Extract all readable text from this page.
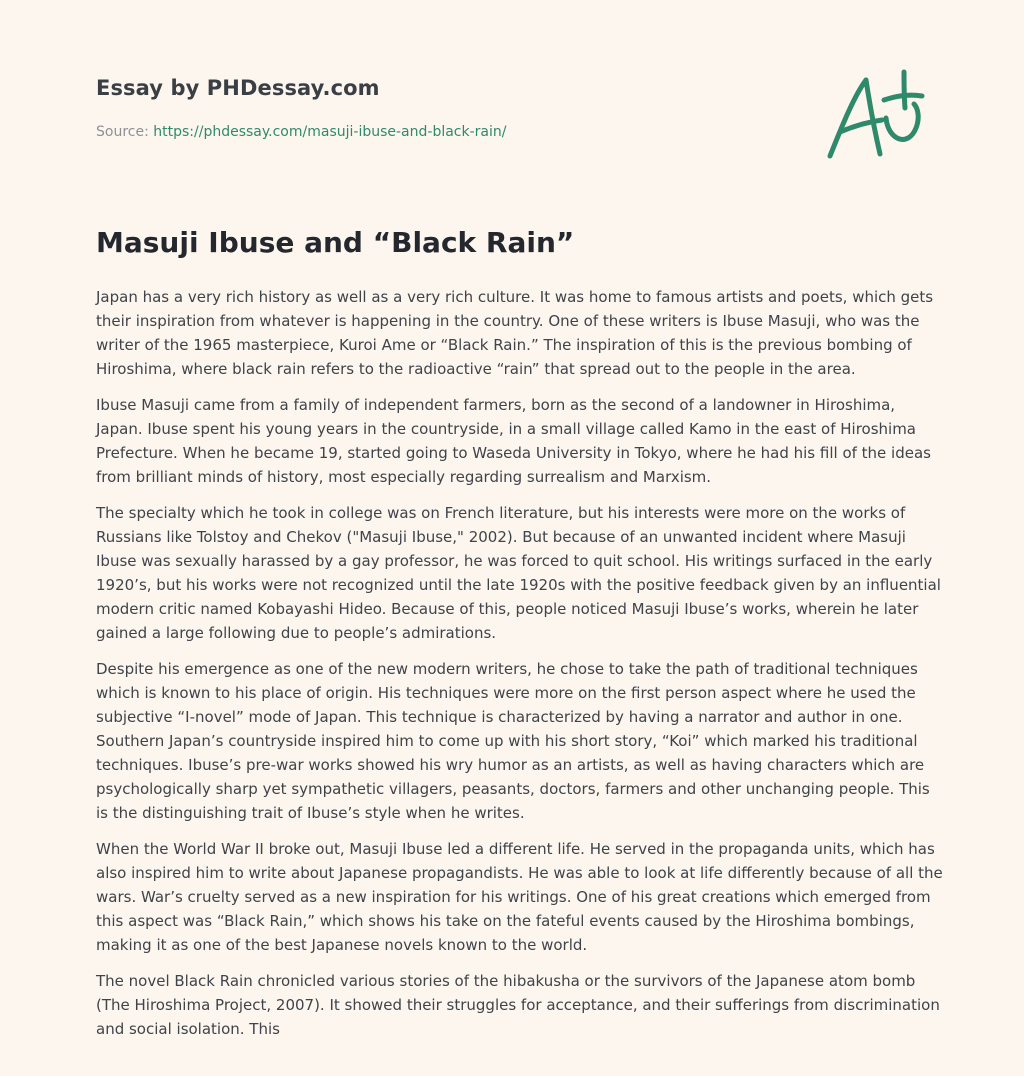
Essay by PHDessay.com

Source: https://phdessay.com/masuji-ibuse-and-black-rain/

Masuji Ibuse and “Black Rain”

Japan has a very rich history as well as a very rich culture. It was home to famous artists and poets, which gets their inspiration from whatever is happening in the country. One of these writers is Ibuse Masuji, who was the writer of the 1965 masterpiece, Kuroi Ame or “Black Rain.” The inspiration of this is the previous bombing of Hiroshima, where black rain refers to the radioactive “rain” that spread out to the people in the area.

Ibuse Masuji came from a family of independent farmers, born as the second of a landowner in Hiroshima, Japan. Ibuse spent his young years in the countryside, in a small village called Kamo in the east of Hiroshima Prefecture. When he became 19, started going to Waseda University in Tokyo, where he had his fill of the ideas from brilliant minds of history, most especially regarding surrealism and Marxism.

The specialty which he took in college was on French literature, but his interests were more on the works of Russians like Tolstoy and Chekov ("Masuji Ibuse," 2002). But because of an unwanted incident where Masuji Ibuse was sexually harassed by a gay professor, he was forced to quit school. His writings surfaced in the early 1920’s, but his works were not recognized until the late 1920s with the positive feedback given by an influential modern critic named Kobayashi Hideo. Because of this, people noticed Masuji Ibuse’s works, wherein he later gained a large following due to people’s admirations.

Despite his emergence as one of the new modern writers, he chose to take the path of traditional techniques which is known to his place of origin. His techniques were more on the first person aspect where he used the subjective “I-novel” mode of Japan. This technique is characterized by having a narrator and author in one. Southern Japan’s countryside inspired him to come up with his short story, “Koi” which marked his traditional techniques. Ibuse’s pre-war works showed his wry humor as an artists, as well as having characters which are psychologically sharp yet sympathetic villagers, peasants, doctors, farmers and other unchanging people. This is the distinguishing trait of Ibuse’s style when he writes.

When the World War II broke out, Masuji Ibuse led a different life. He served in the propaganda units, which has also inspired him to write about Japanese propagandists. He was able to look at life differently because of all the wars. War’s cruelty served as a new inspiration for his writings. One of his great creations which emerged from this aspect was “Black Rain,” which shows his take on the fateful events caused by the Hiroshima bombings, making it as one of the best Japanese novels known to the world.

The novel Black Rain chronicled various stories of the hibakusha or the survivors of the Japanese atom bomb (The Hiroshima Project, 2007). It showed their struggles for acceptance, and their sufferings from discrimination and social isolation. This
